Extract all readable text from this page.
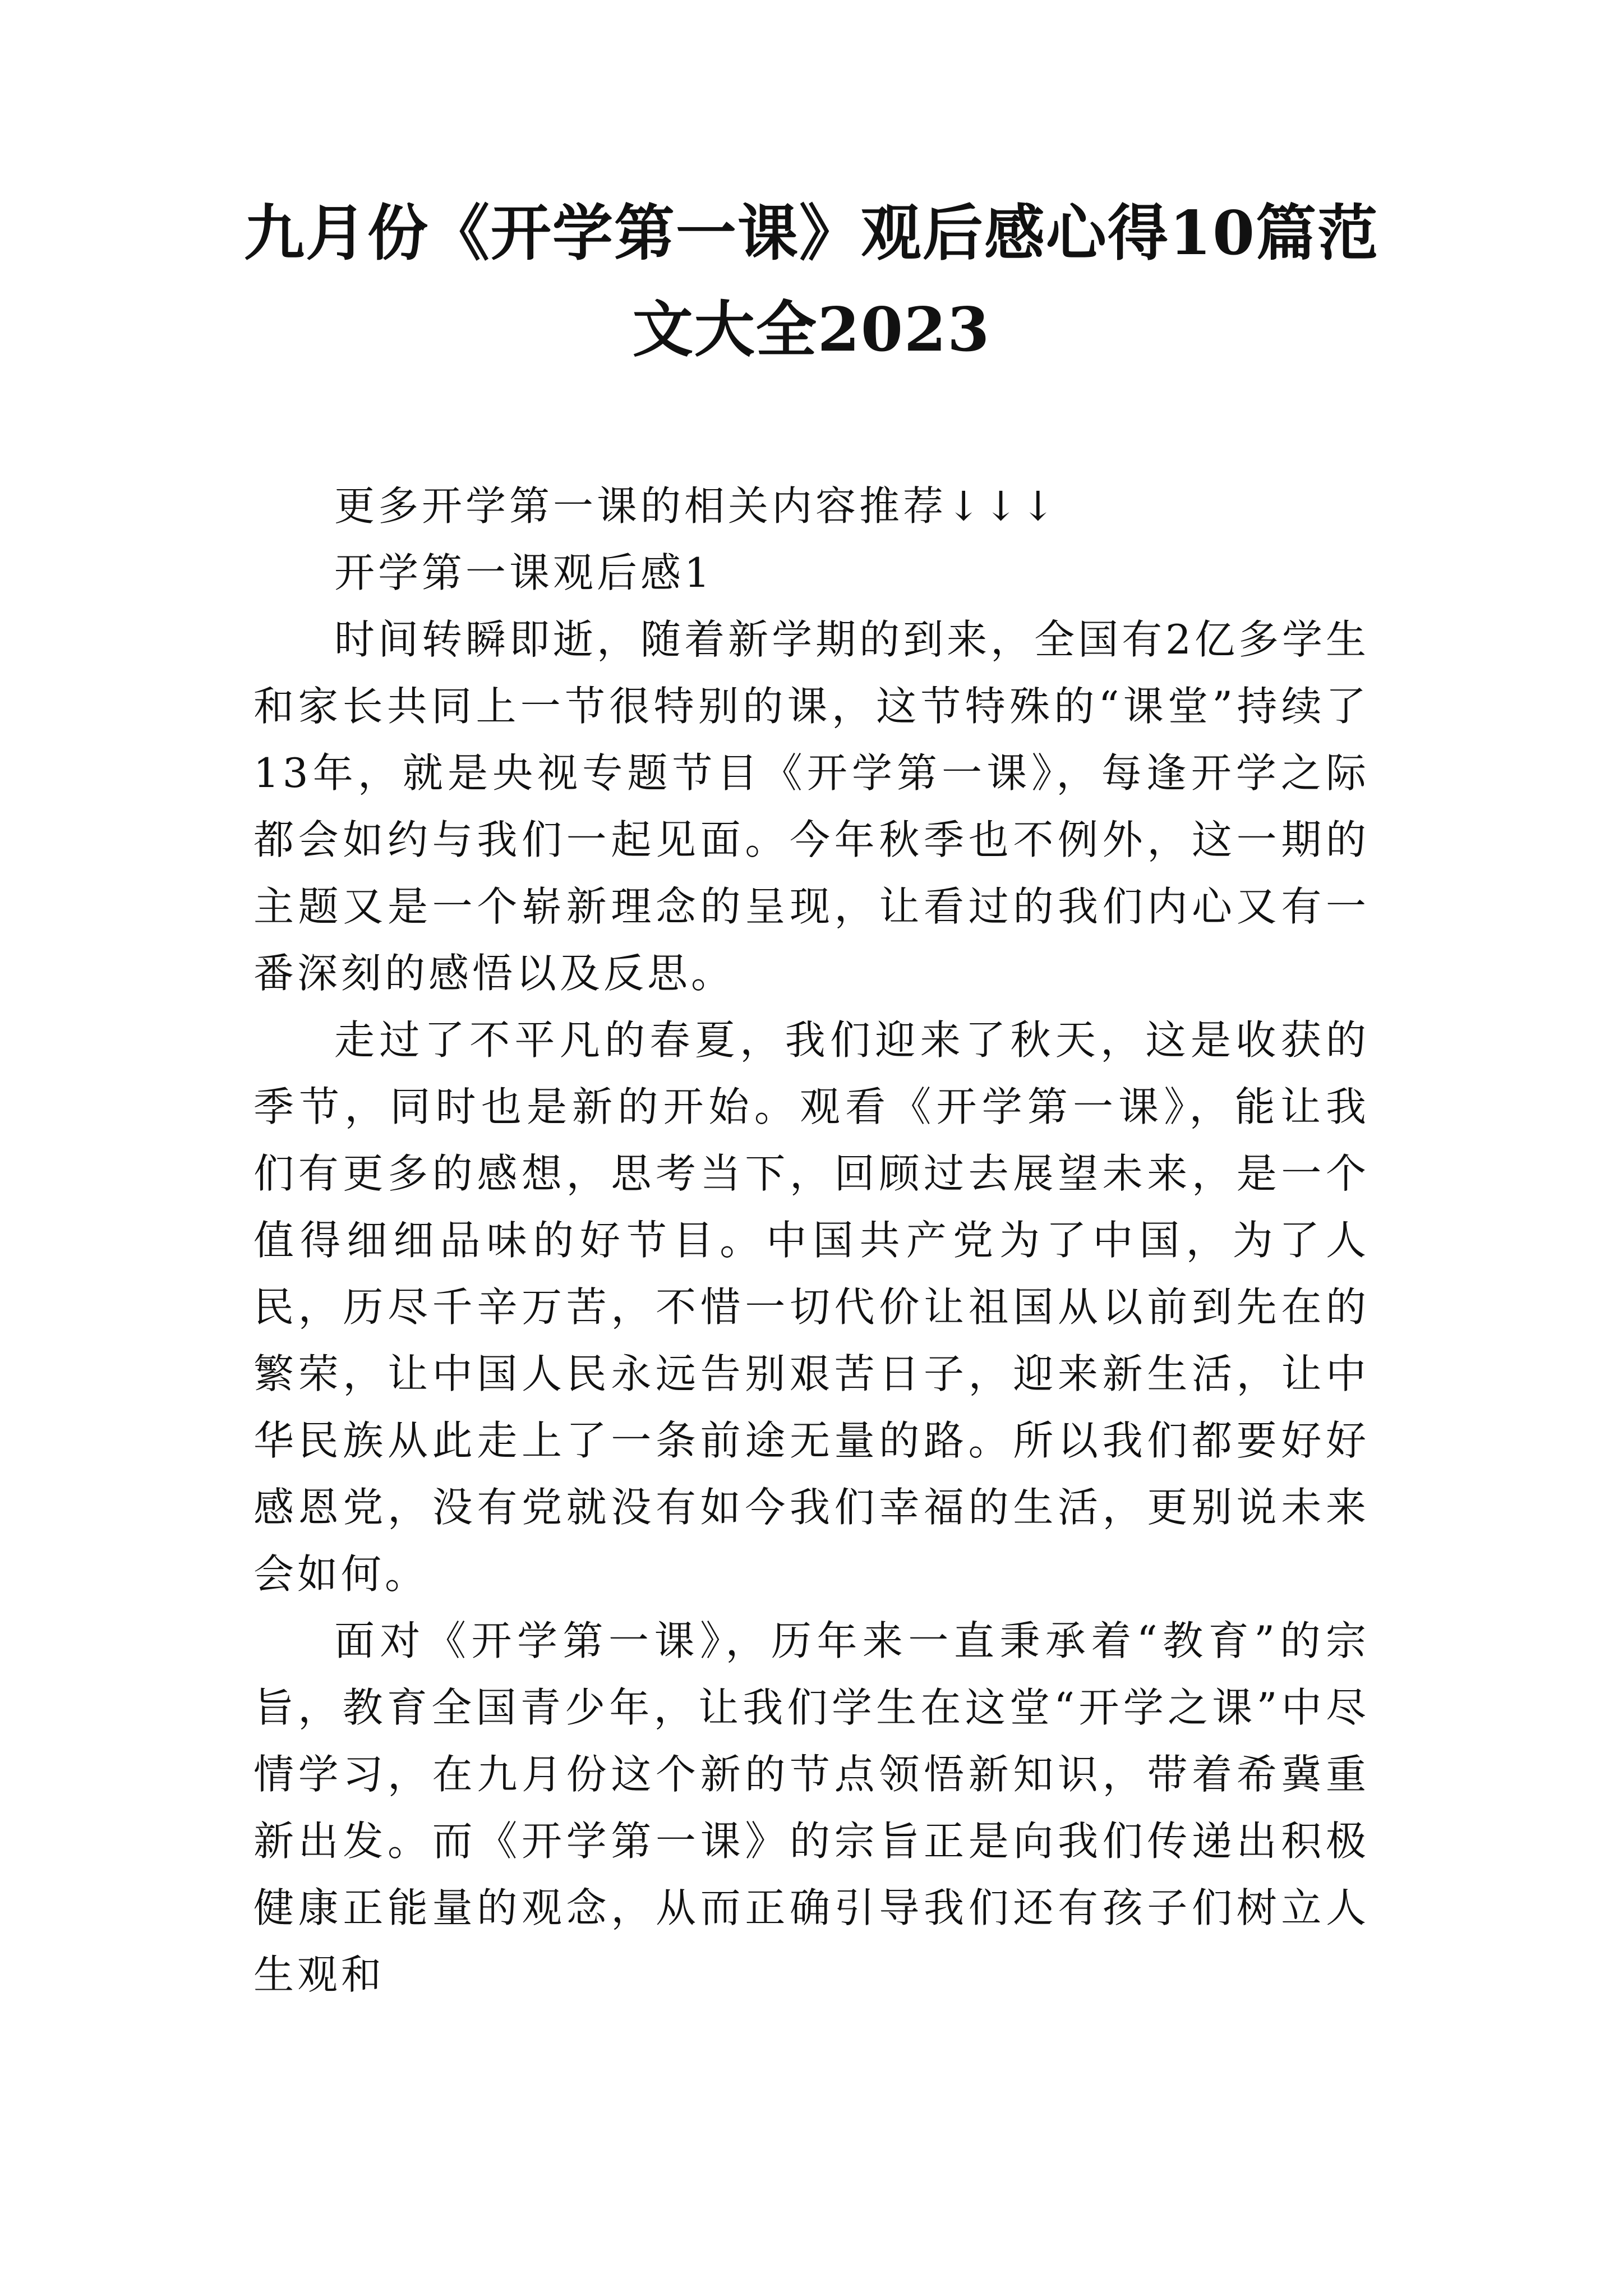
九月份《开学第一课》观后感心得10篇范
文大全2023

更多开学第一课的相关内容推荐↓↓↓

开学第一课观后感1

时间转瞬即逝，随着新学期的到来，全国有2亿多学生和家长共同上一节很特别的课，这节特殊的“课堂”持续了13年，就是央视专题节目《开学第一课》，每逢开学之际都会如约与我们一起见面。今年秋季也不例外，这一期的主题又是一个崭新理念的呈现，让看过的我们内心又有一番深刻的感悟以及反思。

走过了不平凡的春夏，我们迎来了秋天，这是收获的季节，同时也是新的开始。观看《开学第一课》，能让我们有更多的感想，思考当下，回顾过去展望未来，是一个值得细细品味的好节目。中国共产党为了中国，为了人民，历尽千辛万苦，不惜一切代价让祖国从以前到先在的繁荣，让中国人民永远告别艰苦日子，迎来新生活，让中华民族从此走上了一条前途无量的路。所以我们都要好好感恩党，没有党就没有如今我们幸福的生活，更别说未来会如何。

面对《开学第一课》，历年来一直秉承着“教育”的宗旨，教育全国青少年，让我们学生在这堂“开学之课”中尽情学习，在九月份这个新的节点领悟新知识，带着希冀重新出发。而《开学第一课》的宗旨正是向我们传递出积极健康正能量的观念，从而正确引导我们还有孩子们树立人生观和
